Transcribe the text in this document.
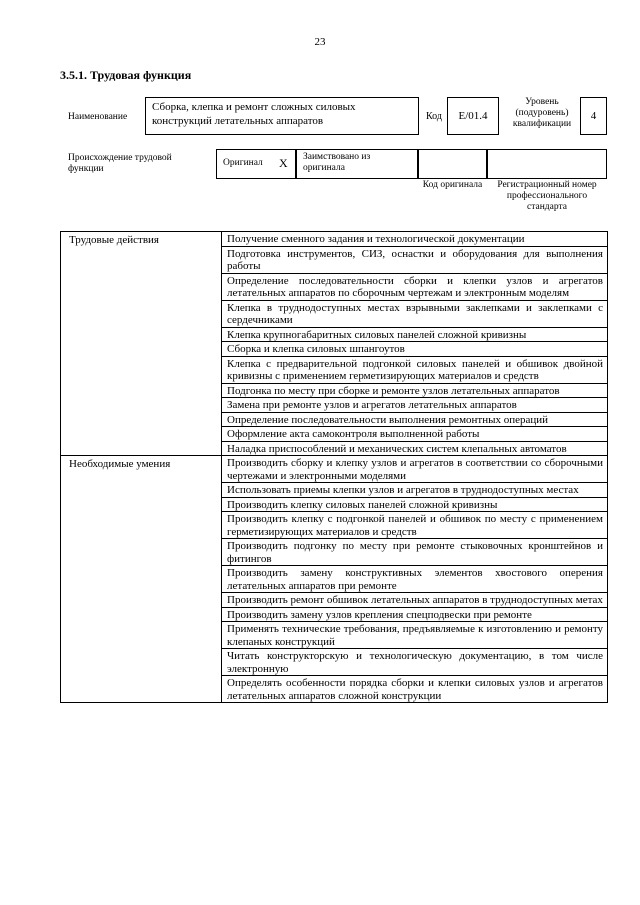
23
3.5.1. Трудовая функция
Наименование
Сборка, клепка и ремонт сложных силовых конструкций летательных аппаратов	Код	E/01.4
Уровень (подуровень) квалификации
4
Происхождение трудовой функции
Оригинал X	Заимствовано из оригинала
Код оригинала	Регистрационный номер профессионального стандарта
Трудовые действия	Получение сменного задания и технологической документации
	Подготовка инструментов, СИЗ, оснастки и оборудования для выполнения работы
	Определение последовательности сборки и клепки узлов и агрегатов летательных аппаратов по сборочным чертежам и электронным моделям
	Клепка в труднодоступных местах взрывными заклепками и заклепками с сердечниками
	Клепка крупногабаритных силовых панелей сложной кривизны
	Сборка и клепка силовых шпангоутов
	Клепка с предварительной подгонкой силовых панелей и обшивок двойной кривизны с применением герметизирующих материалов и средств
	Подгонка по месту при сборке и ремонте узлов летательных аппаратов
	Замена при ремонте узлов и агрегатов летательных аппаратов
	Определение последовательности выполнения ремонтных операций
	Оформление акта самоконтроля выполненной работы
	Наладка приспособлений и механических систем клепальных автоматов
Необходимые умения	Производить сборку и клепку узлов и агрегатов в соответствии со сборочными чертежами и электронными моделями
	Использовать приемы клепки узлов и агрегатов в труднодоступных местах
	Производить клепку силовых панелей сложной кривизны
	Производить клепку с подгонкой панелей и обшивок по месту с применением герметизирующих материалов и средств
	Производить подгонку по месту при ремонте стыковочных кронштейнов и фитингов
	Производить замену конструктивных элементов хвостового оперения летательных аппаратов при ремонте
	Производить ремонт обшивок летательных аппаратов в труднодоступных метах
	Производить замену узлов крепления спецподвески при ремонте
	Применять технические требования, предъявляемые к изготовлению и ремонту клепаных конструкций
	Читать конструкторскую и технологическую документацию, в том числе электронную
	Определять особенности порядка сборки и клепки силовых узлов и агрегатов летательных аппаратов сложной конструкции
